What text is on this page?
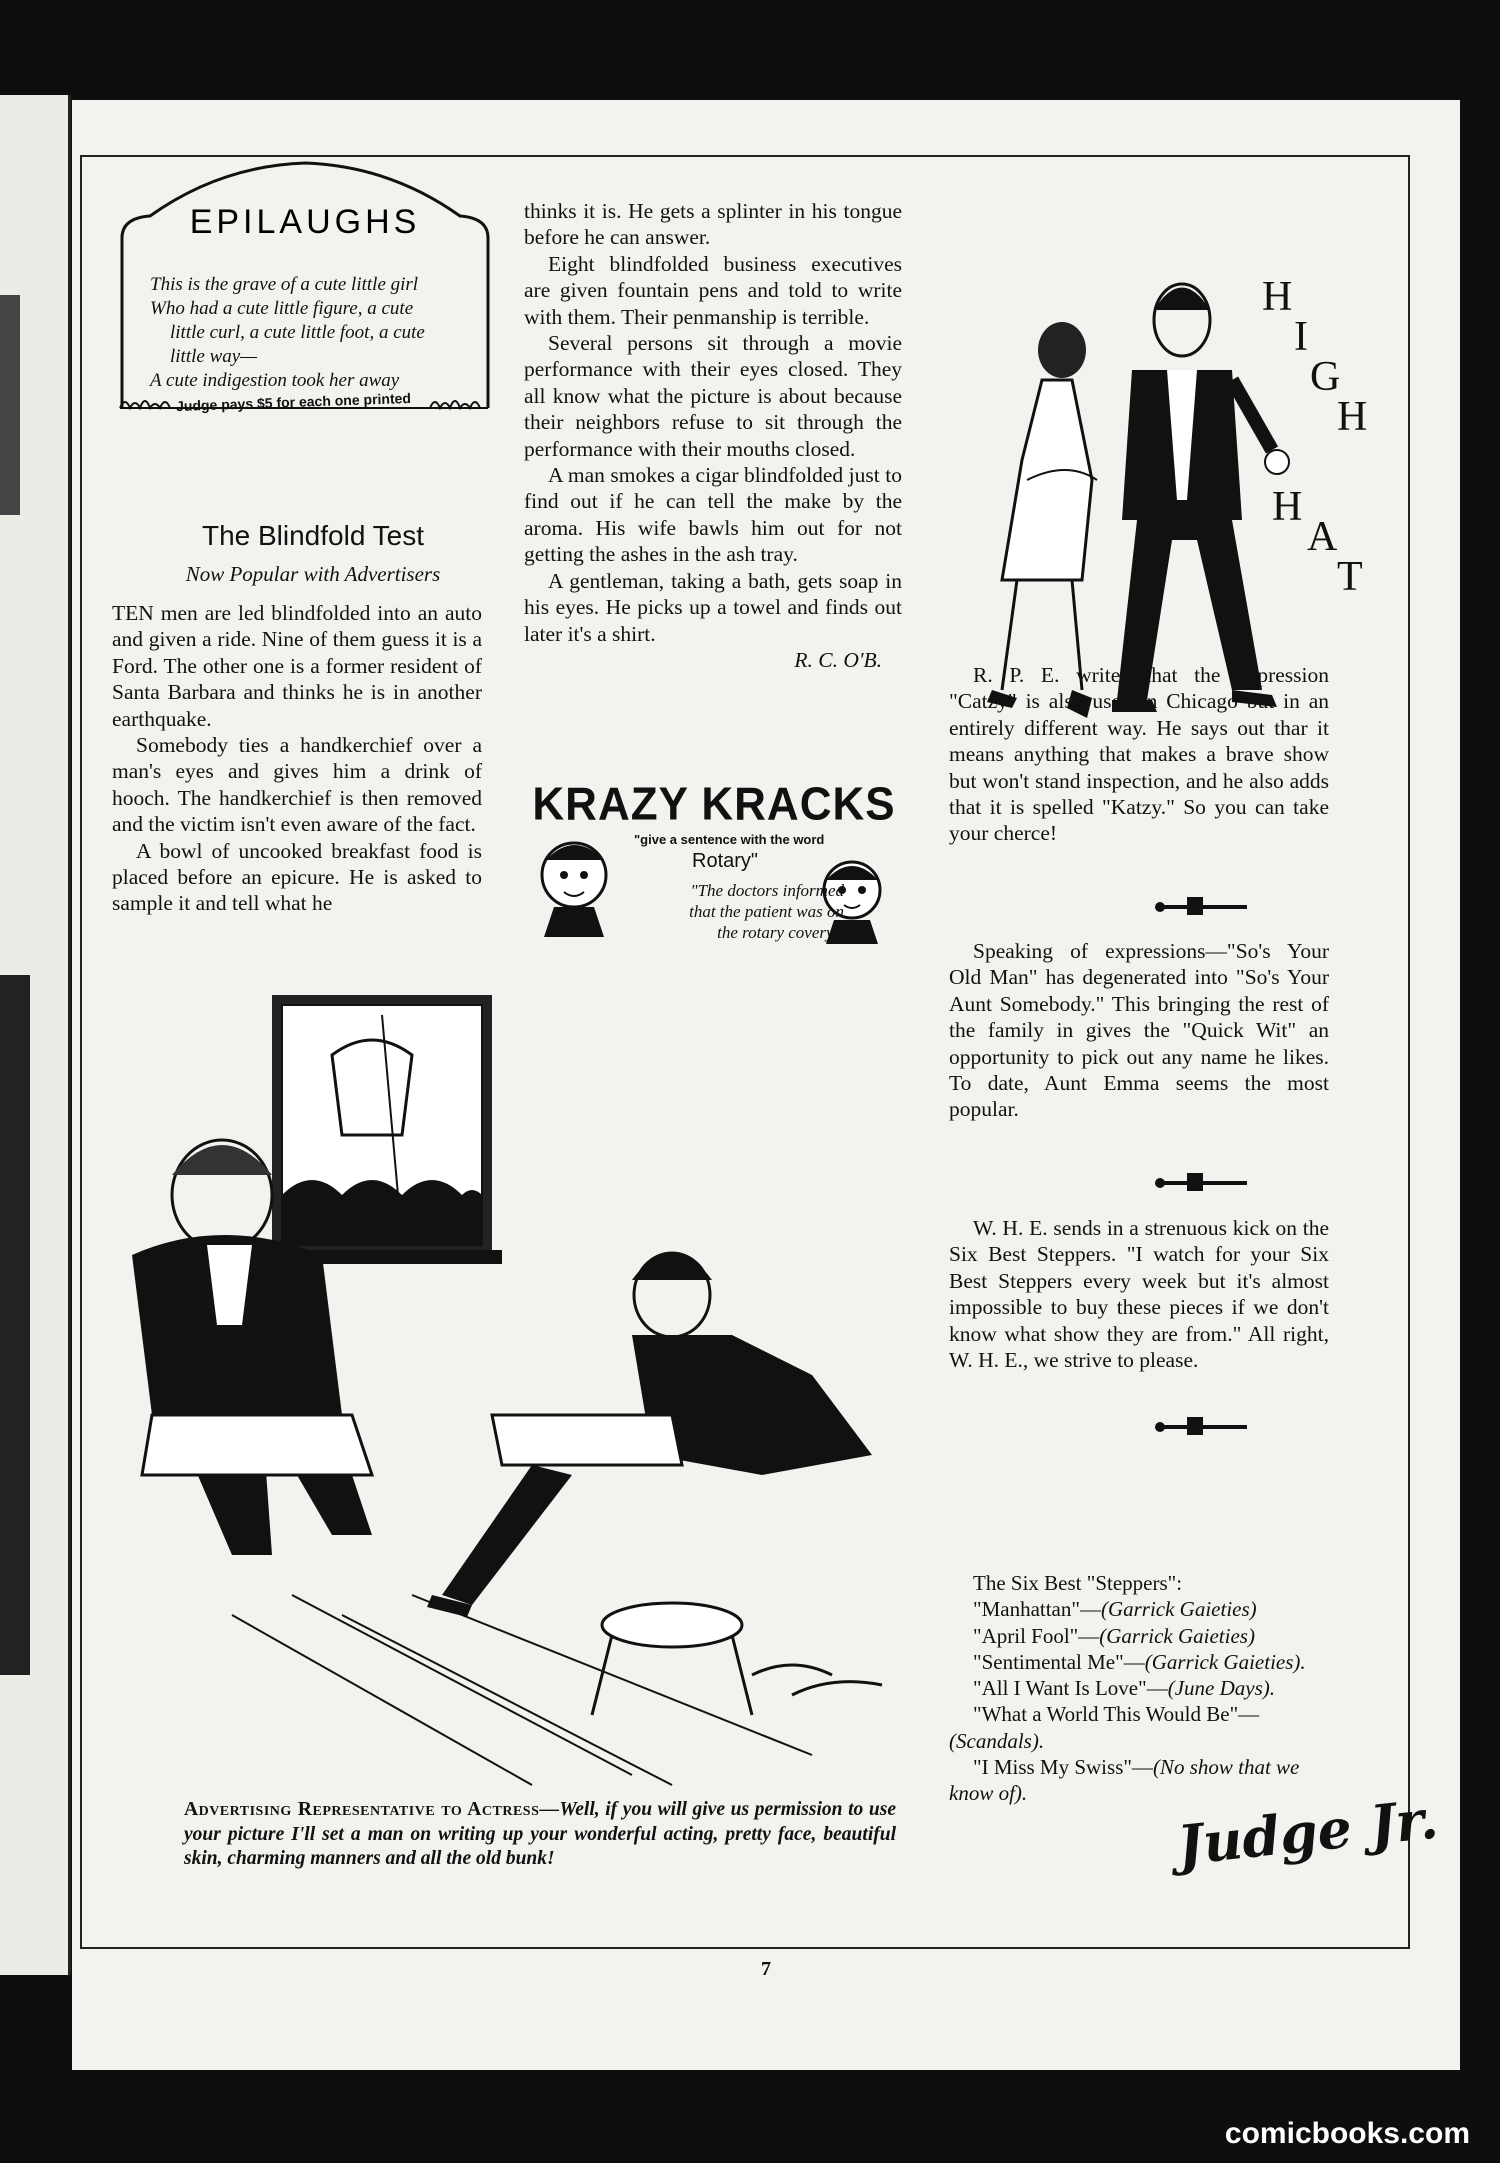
EPILAUGHS
This is the grave of a cute little girl
Who had a cute little figure, a cute
little curl, a cute little foot, a cute
little way—
A cute indigestion took her away
Judge pays $5 for each one printed
The Blindfold Test
Now Popular with Advertisers

TEN men are led blindfolded into an auto and given a ride. Nine of them guess it is a Ford. The other one is a former resident of Santa Barbara and thinks he is in another earthquake.

Somebody ties a handkerchief over a man's eyes and gives him a drink of hooch. The handkerchief is then removed and the victim isn't even aware of the fact.

A bowl of uncooked breakfast food is placed before an epicure. He is asked to sample it and tell what he

thinks it is. He gets a splinter in his tongue before he can answer.

Eight blindfolded business executives are given fountain pens and told to write with them. Their penmanship is terrible.

Several persons sit through a movie performance with their eyes closed. They all know what the picture is about because their neighbors refuse to sit through the performance with their mouths closed.

A man smokes a cigar blindfolded just to find out if he can tell the make by the aroma. His wife bawls him out for not getting the ashes in the ash tray.

A gentleman, taking a bath, gets soap in his eyes. He picks up a towel and finds out later it's a shirt.

R. C. O'B.
KRAZY KRACKS
"give a sentence with the word
Rotary"
"The doctors informed that the patient was on the rotary covery."
H
I
G
H
H
A
T

R. P. E. writes that the expression "Catzy" is also used in Chicago but in an entirely different way. He says out thar it means anything that makes a brave show but won't stand inspection, and he also adds that it is spelled "Katzy." So you can take your cherce!

Speaking of expressions—"So's Your Old Man" has degenerated into "So's Your Aunt Somebody." This bringing the rest of the family in gives the "Quick Wit" an opportunity to pick out any name he likes. To date, Aunt Emma seems the most popular.

W. H. E. sends in a strenuous kick on the Six Best Steppers. "I watch for your Six Best Steppers every week but it's almost impossible to buy these pieces if we don't know what show they are from." All right, W. H. E., we strive to please.

The Six Best "Steppers":
"Manhattan"—(Garrick Gaieties)
"April Fool"—(Garrick Gaieties)
"Sentimental Me"—(Garrick Gaieties).
"All I Want Is Love"—(June Days).
"What a World This Would Be"—(Scandals).
"I Miss My Swiss"—(No show that we know of).	Judge Jr.
Advertising Representative to Actress—Well, if you will give us permission to use your picture I'll set a man on writing up your wonderful acting, pretty face, beautiful skin, charming manners and all the old bunk!
7
comicbooks.com
